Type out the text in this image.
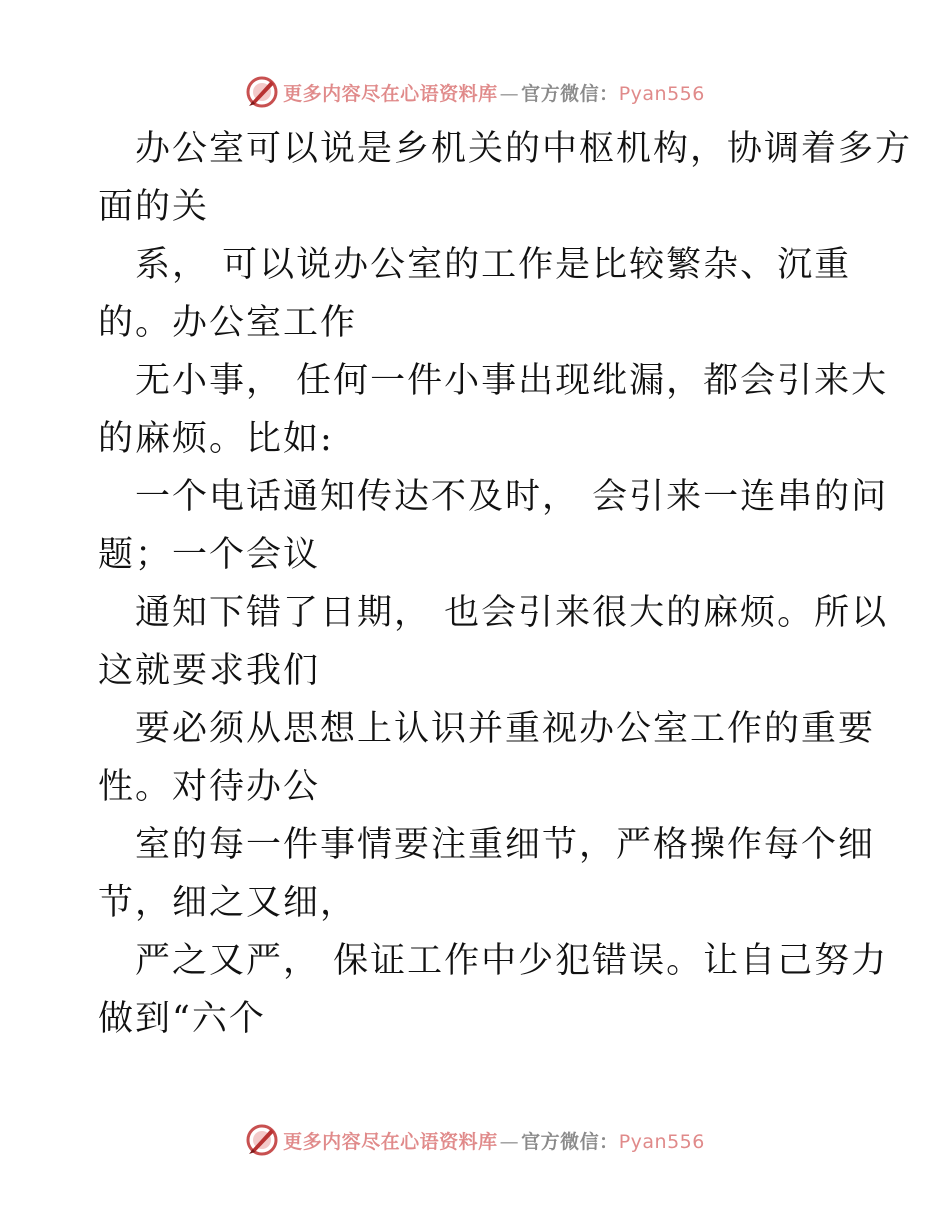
更多内容尽在心语资料库 — 官方微信：Pyan556
办公室可以说是乡机关的中枢机构，协调着多方
面的关
系， 可以说办公室的工作是比较繁杂、沉重
的。办公室工作
无小事， 任何一件小事出现纰漏，都会引来大
的麻烦。比如:
一个电话通知传达不及时， 会引来一连串的问
题；一个会议
通知下错了日期， 也会引来很大的麻烦。所以
这就要求我们
要必须从思想上认识并重视办公室工作的重要
性。对待办公
室的每一件事情要注重细节，严格操作每个细
节，细之又细，
严之又严， 保证工作中少犯错误。让自己努力
做到“六个
更多内容尽在心语资料库 — 官方微信：Pyan556
